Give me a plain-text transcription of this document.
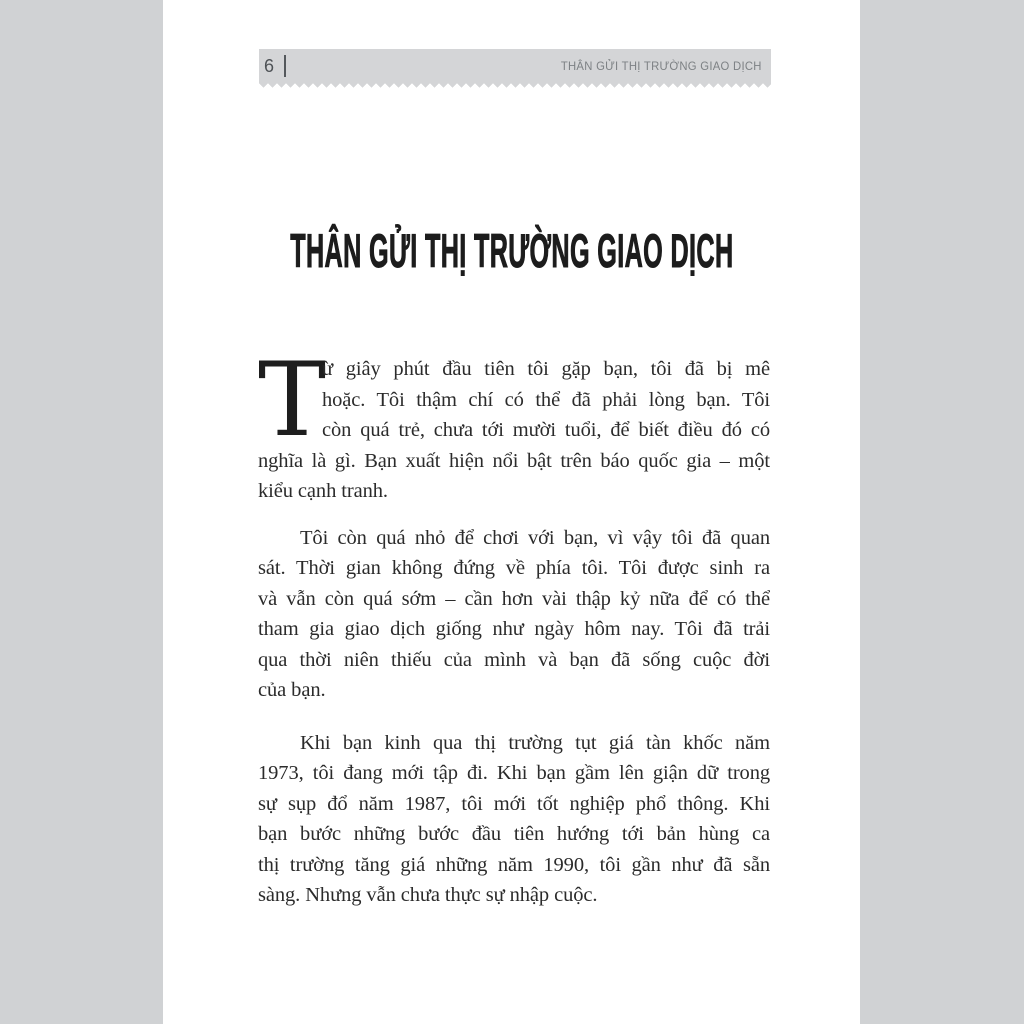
6	THÂN GỬI THỊ TRƯỜNG GIAO DỊCH
THÂN GỬI THỊ TRƯỜNG GIAO DỊCH
T
ừ giây phút đầu tiên tôi gặp bạn, tôi đã bị mê
hoặc. Tôi thậm chí có thể đã phải lòng bạn. Tôi
còn quá trẻ, chưa tới mười tuổi, để biết điều đó có
nghĩa là gì. Bạn xuất hiện nổi bật trên báo quốc gia – một
kiểu cạnh tranh.
Tôi còn quá nhỏ để chơi với bạn, vì vậy tôi đã quan
sát. Thời gian không đứng về phía tôi. Tôi được sinh ra
và vẫn còn quá sớm – cần hơn vài thập kỷ nữa để có thể
tham gia giao dịch giống như ngày hôm nay. Tôi đã trải
qua thời niên thiếu của mình và bạn đã sống cuộc đời
của bạn.
Khi bạn kinh qua thị trường tụt giá tàn khốc năm
1973, tôi đang mới tập đi. Khi bạn gầm lên giận dữ trong
sự sụp đổ năm 1987, tôi mới tốt nghiệp phổ thông. Khi
bạn bước những bước đầu tiên hướng tới bản hùng ca
thị trường tăng giá những năm 1990, tôi gần như đã sẵn
sàng. Nhưng vẫn chưa thực sự nhập cuộc.
